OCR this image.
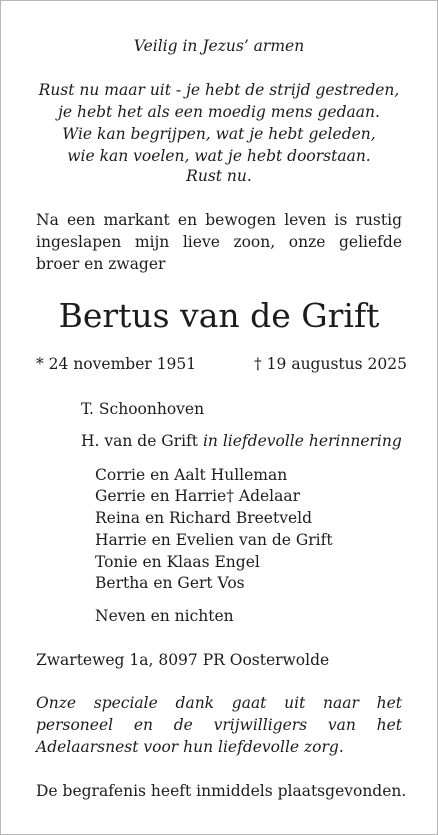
Veilig in Jezus’ armen
Rust nu maar uit - je hebt de strijd gestreden,
je hebt het als een moedig mens gedaan.
Wie kan begrijpen, wat je hebt geleden,
wie kan voelen, wat je hebt doorstaan.
Rust nu.
Na een markant en bewogen leven is rustig ingeslapen mijn lieve zoon, onze geliefde broer en zwager
Bertus van de Grift
* 24 november 1951	† 19 augustus 2025
T. Schoonhoven
H. van de Grift in liefdevolle herinnering
Corrie en Aalt Hulleman
Gerrie en Harrie† Adelaar
Reina en Richard Breetveld
Harrie en Evelien van de Grift
Tonie en Klaas Engel
Bertha en Gert Vos
Neven en nichten
Zwarteweg 1a, 8097 PR Oosterwolde
Onze speciale dank gaat uit naar het personeel en de vrijwilligers van het Adelaarsnest voor hun liefdevolle zorg.
De begrafenis heeft inmiddels plaatsgevonden.
